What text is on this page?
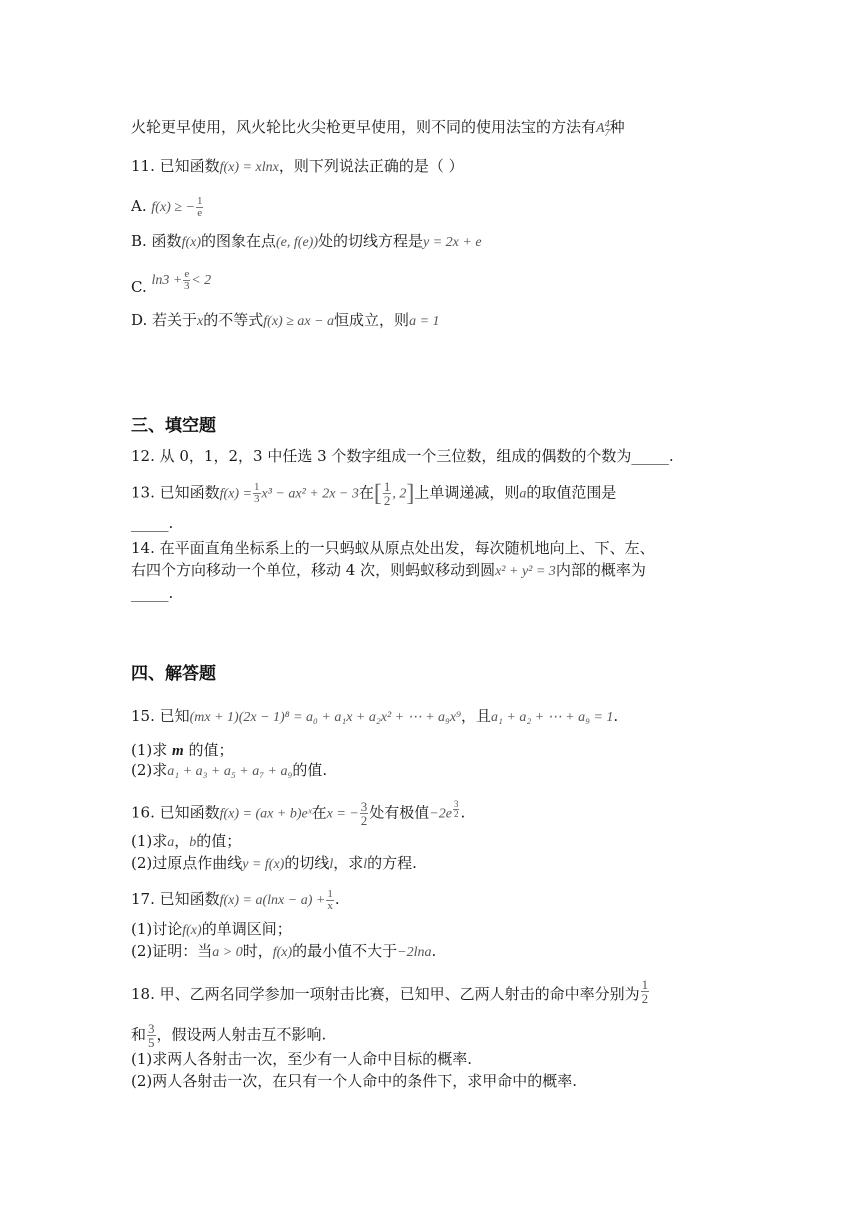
火轮更早使用，风火轮比火尖枪更早使用，则不同的使用法宝的方法有A 4
7 种
11. 已知函数f(x) = xlnx，则下列说法正确的是（ ）
A. f(x) ≥ − $\frac{1}{e}$
B. 函数f(x)的图象在点(e, f(e))处的切线方程是y = 2x + e
C. $\ln 3 + \frac{e}{3} < 2$
D. 若关于x的不等式f(x) ≥ ax − a恒成立，则a = 1
三、填空题
12. 从 0，1，2，3 中任选 3 个数字组成一个三位数，组成的偶数的个数为_____.
13. 已知函数$f(x) = \frac{1}{3} x^3 - ax^2 + 2x - 3$在[ $\frac{1}{2}$ , 2]上单调递减，则a的取值范围是
_____.
14. 在平面直角坐标系上的一只蚂蚁从原点处出发，每次随机地向上、下、左、
右四个方向移动一个单位，移动 4 次，则蚂蚁移动到圆x² + y² = 3内部的概率为
_____.
四、解答题
15. 已知(mx + 1)(2x − 1)⁸ = a₀ + a₁x + a₂x² + ⋯ + a₉x⁹，且a₁ + a₂ + ⋯ + a₉ = 1.
(1)求 m 的值；
(2)求a₁ + a₃ + a₅ + a₇ + a₉的值.
16. 已知函数f(x) = (ax + b)eˣ在x = − $\frac{3}{2}$ 处有极值$-2e \frac{3}{2}$ .
(1)求a，b的值；
(2)过原点作曲线y = f(x)的切线l，求l的方程.
17. 已知函数$f(x) = a(\ln x - a) + \frac{1}{x}$ .
(1)讨论f(x)的单调区间；
(2)证明：当a > 0时，f(x)的最小值不大于−2lna.
18. 甲、乙两名同学参加一项射击比赛，已知甲、乙两人射击的命中率分别为 $\frac{1}{2}$
和 $\frac{3}{5}$ ，假设两人射击互不影响.
(1)求两人各射击一次，至少有一人命中目标的概率.
(2)两人各射击一次，在只有一个人命中的条件下，求甲命中的概率.
